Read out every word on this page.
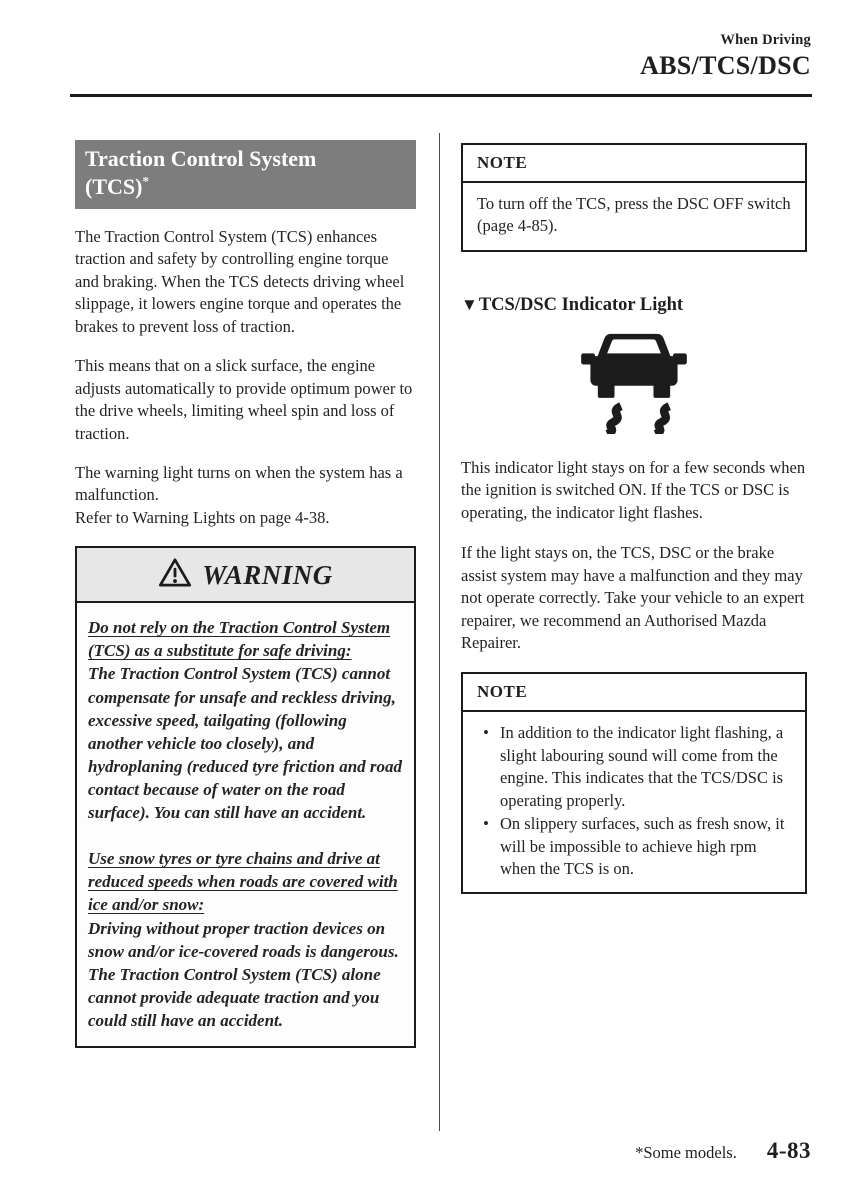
When Driving
ABS/TCS/DSC
Traction Control System
(TCS)*

The Traction Control System (TCS) enhances traction and safety by controlling engine torque and braking. When the TCS detects driving wheel slippage, it lowers engine torque and operates the brakes to prevent loss of traction.

This means that on a slick surface, the engine adjusts automatically to provide optimum power to the drive wheels, limiting wheel spin and loss of traction.

The warning light turns on when the system has a malfunction.
Refer to Warning Lights on page 4-38.

WARNING
Do not rely on the Traction Control System (TCS) as a substitute for safe driving:
The Traction Control System (TCS) cannot compensate for unsafe and reckless driving, excessive speed, tailgating (following another vehicle too closely), and hydroplaning (reduced tyre friction and road contact because of water on the road surface). You can still have an accident.
Use snow tyres or tyre chains and drive at reduced speeds when roads are covered with ice and/or snow:
Driving without proper traction devices on snow and/or ice-covered roads is dangerous. The Traction Control System (TCS) alone cannot provide adequate traction and you could still have an accident.
NOTE
To turn off the TCS, press the DSC OFF switch (page 4-85).
▼TCS/DSC Indicator Light

This indicator light stays on for a few seconds when the ignition is switched ON. If the TCS or DSC is operating, the indicator light flashes.

If the light stays on, the TCS, DSC or the brake assist system may have a malfunction and they may not operate correctly. Take your vehicle to an expert repairer, we recommend an Authorised Mazda Repairer.

NOTE
• In addition to the indicator light flashing, a slight labouring sound will come from the engine. This indicates that the TCS/DSC is operating properly.
• On slippery surfaces, such as fresh snow, it will be impossible to achieve high rpm when the TCS is on.
*Some models. 4-83
